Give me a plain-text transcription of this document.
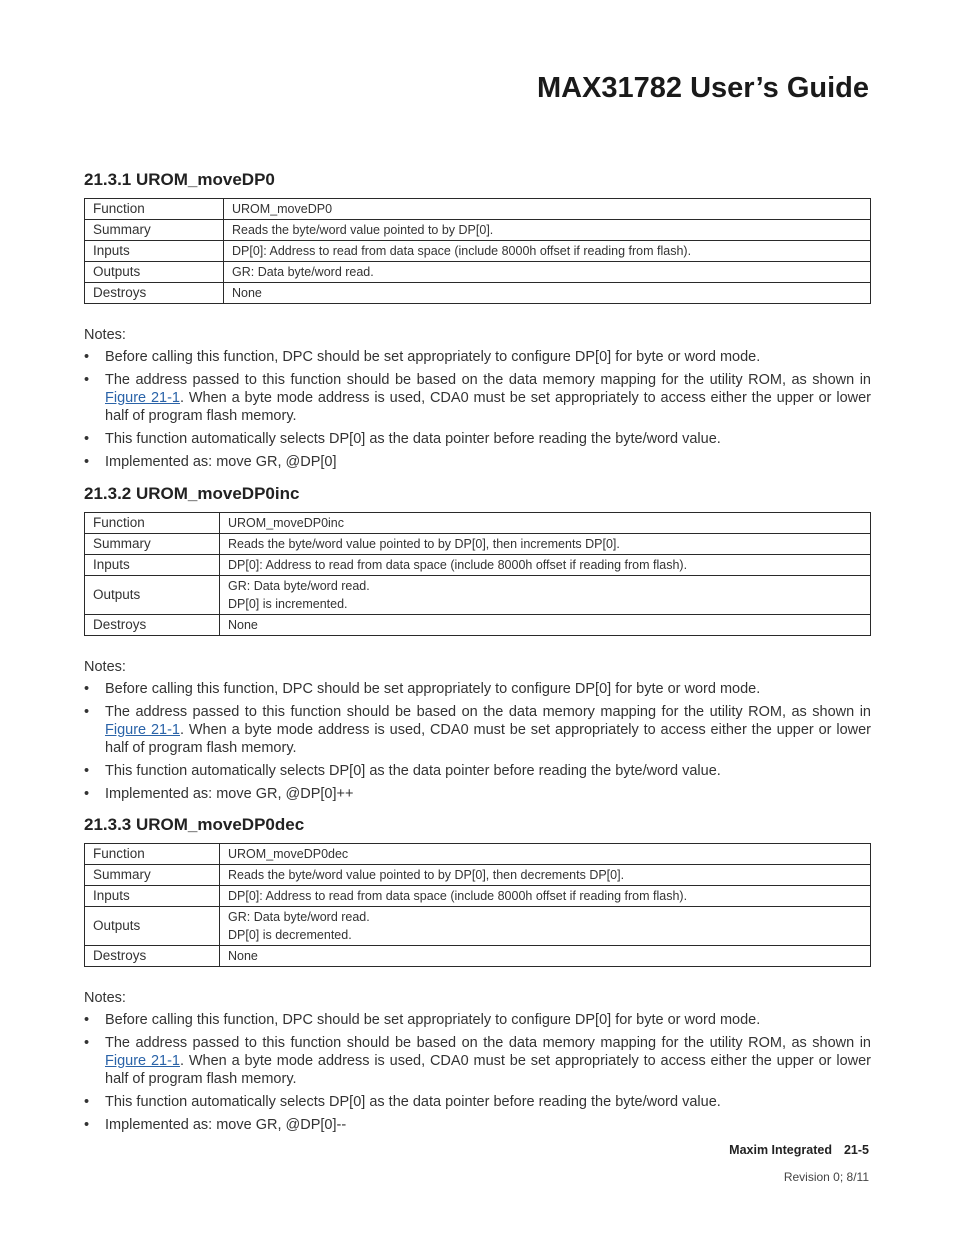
MAX31782 User’s Guide
21.3.1 UROM_moveDP0
Function	UROM_moveDP0
Summary	Reads the byte/word value pointed to by DP[0].
Inputs	DP[0]: Address to read from data space (include 8000h offset if reading from flash).
Outputs	GR: Data byte/word read.

Destroys	None

Notes:

• Before calling this function, DPC should be set appropriately to configure DP[0] for byte or word mode.
• The address passed to this function should be based on the data memory mapping for the utility ROM, as shown in Figure 21-1. When a byte mode address is used, CDA0 must be set appropriately to access either the upper or lower half of program flash memory.
• This function automatically selects DP[0] as the data pointer before reading the byte/word value.
• Implemented as: move GR, @DP[0]
21.3.2 UROM_moveDP0inc
Function	UROM_moveDP0inc
Summary	Reads the byte/word value pointed to by DP[0], then increments DP[0].
Inputs	DP[0]: Address to read from data space (include 8000h offset if reading from flash).
Outputs	GR: Data byte/word read.
DP[0] is incremented.

Destroys	None

Notes:

• Before calling this function, DPC should be set appropriately to configure DP[0] for byte or word mode.
• The address passed to this function should be based on the data memory mapping for the utility ROM, as shown in Figure 21-1. When a byte mode address is used, CDA0 must be set appropriately to access either the upper or lower half of program flash memory.
• This function automatically selects DP[0] as the data pointer before reading the byte/word value.
• Implemented as: move GR, @DP[0]++
21.3.3 UROM_moveDP0dec
Function	UROM_moveDP0dec
Summary	Reads the byte/word value pointed to by DP[0], then decrements DP[0].
Inputs	DP[0]: Address to read from data space (include 8000h offset if reading from flash).
Outputs	GR: Data byte/word read.
DP[0] is decremented.

Destroys	None

Notes:

• Before calling this function, DPC should be set appropriately to configure DP[0] for byte or word mode.
• The address passed to this function should be based on the data memory mapping for the utility ROM, as shown in Figure 21-1. When a byte mode address is used, CDA0 must be set appropriately to access either the upper or lower half of program flash memory.
• This function automatically selects DP[0] as the data pointer before reading the byte/word value.
• Implemented as: move GR, @DP[0]--
Maxim Integrated 21-5
Revision 0; 8/11
